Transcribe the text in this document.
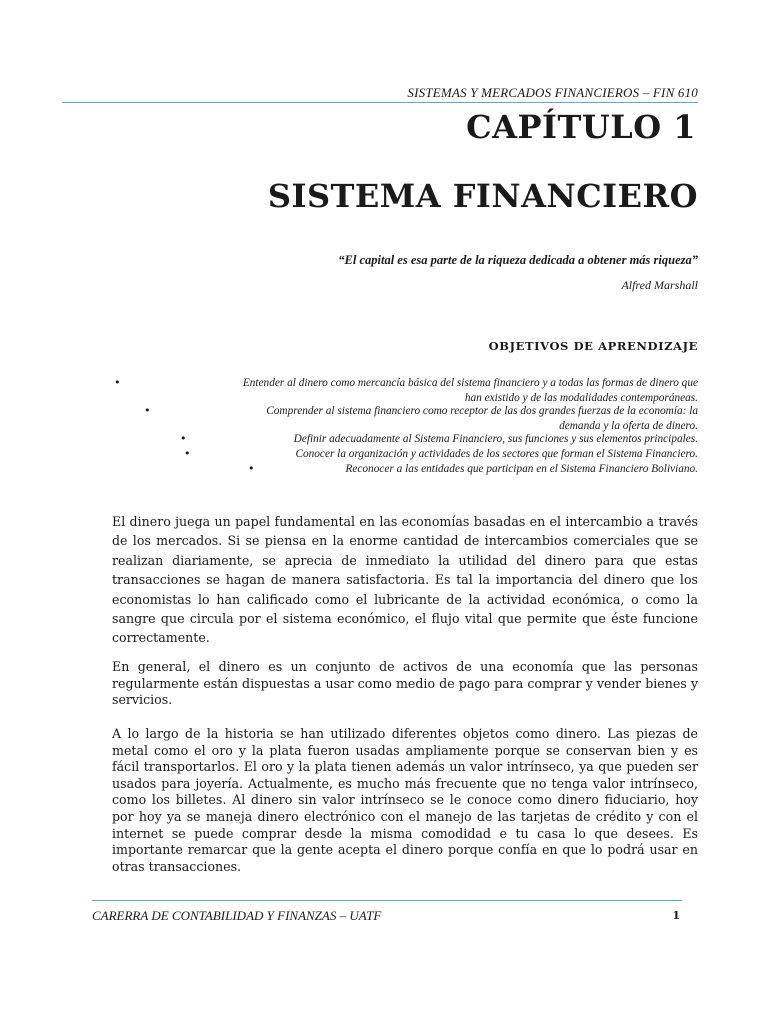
SISTEMAS Y MERCADOS FINANCIEROS – FIN 610
CAPÍTULO 1
SISTEMA FINANCIERO
“El capital es esa parte de la riqueza dedicada a obtener más riqueza”
Alfred Marshall
OBJETIVOS DE APRENDIZAJE
•	Entender al dinero como mercancía básica del sistema financiero y a todas las formas de dinero que
han existido y de las modalidades contemporáneas.
•	Comprender al sistema financiero como receptor de las dos grandes fuerzas de la economía: la
demanda y la oferta de dinero.
•	Definir adecuadamente al Sistema Financiero, sus funciones y sus elementos principales.
•	Conocer la organización y actividades de los sectores que forman el Sistema Financiero.
•	Reconocer a las entidades que participan en el Sistema Financiero Boliviano.

El dinero juega un papel fundamental en las economías basadas en el intercambio a través de los mercados. Si se piensa en la enorme cantidad de intercambios comerciales que se realizan diariamente, se aprecia de inmediato la utilidad del dinero para que estas transacciones se hagan de manera satisfactoria. Es tal la importancia del dinero que los economistas lo han calificado como el lubricante de la actividad económica, o como la sangre que circula por el sistema económico, el flujo vital que permite que éste funcione correctamente.

En general, el dinero es un conjunto de activos de una economía que las personas regularmente están dispuestas a usar como medio de pago para comprar y vender bienes y servicios.

A lo largo de la historia se han utilizado diferentes objetos como dinero. Las piezas de metal como el oro y la plata fueron usadas ampliamente porque se conservan bien y es fácil transportarlos. El oro y la plata tienen además un valor intrínseco, ya que pueden ser usados para joyería. Actualmente, es mucho más frecuente que no tenga valor intrínseco, como los billetes. Al dinero sin valor intrínseco se le conoce como dinero fiduciario, hoy por hoy ya se maneja dinero electrónico con el manejo de las tarjetas de crédito y con el internet se puede comprar desde la misma comodidad e tu casa lo que desees. Es importante remarcar que la gente acepta el dinero porque confía en que lo podrá usar en otras transacciones.

CARERRA DE CONTABILIDAD Y FINANZAS – UATF	1
